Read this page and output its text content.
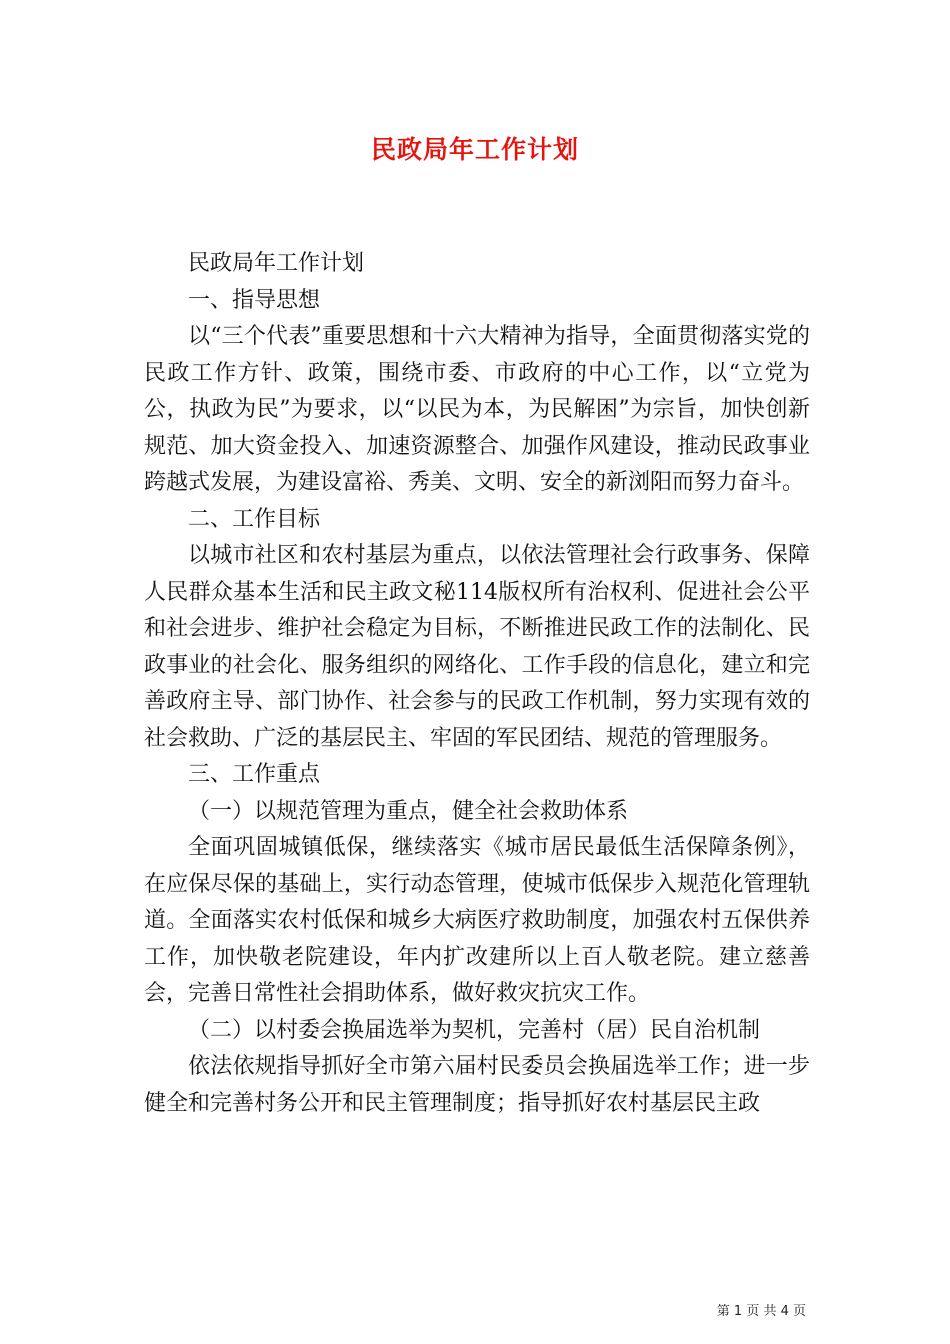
民政局年工作计划

民政局年工作计划

一、指导思想

以“三个代表”重要思想和十六大精神为指导，全面贯彻落实党的民政工作方针、政策，围绕市委、市政府的中心工作，以“立党为公，执政为民”为要求，以“以民为本，为民解困”为宗旨，加快创新规范、加大资金投入、加速资源整合、加强作风建设，推动民政事业跨越式发展，为建设富裕、秀美、文明、安全的新浏阳而努力奋斗。

二、工作目标

以城市社区和农村基层为重点，以依法管理社会行政事务、保障人民群众基本生活和民主政文秘114版权所有治权利、促进社会公平和社会进步、维护社会稳定为目标，不断推进民政工作的法制化、民政事业的社会化、服务组织的网络化、工作手段的信息化，建立和完善政府主导、部门协作、社会参与的民政工作机制，努力实现有效的社会救助、广泛的基层民主、牢固的军民团结、规范的管理服务。

三、工作重点

（一）以规范管理为重点，健全社会救助体系

全面巩固城镇低保，继续落实《城市居民最低生活保障条例》，在应保尽保的基础上，实行动态管理，使城市低保步入规范化管理轨道。全面落实农村低保和城乡大病医疗救助制度，加强农村五保供养工作，加快敬老院建设，年内扩改建所以上百人敬老院。建立慈善会，完善日常性社会捐助体系，做好救灾抗灾工作。

（二）以村委会换届选举为契机，完善村（居）民自治机制

依法依规指导抓好全市第六届村民委员会换届选举工作；进一步健全和完善村务公开和民主管理制度；指导抓好农村基层民主政

第 1 页 共 4 页
